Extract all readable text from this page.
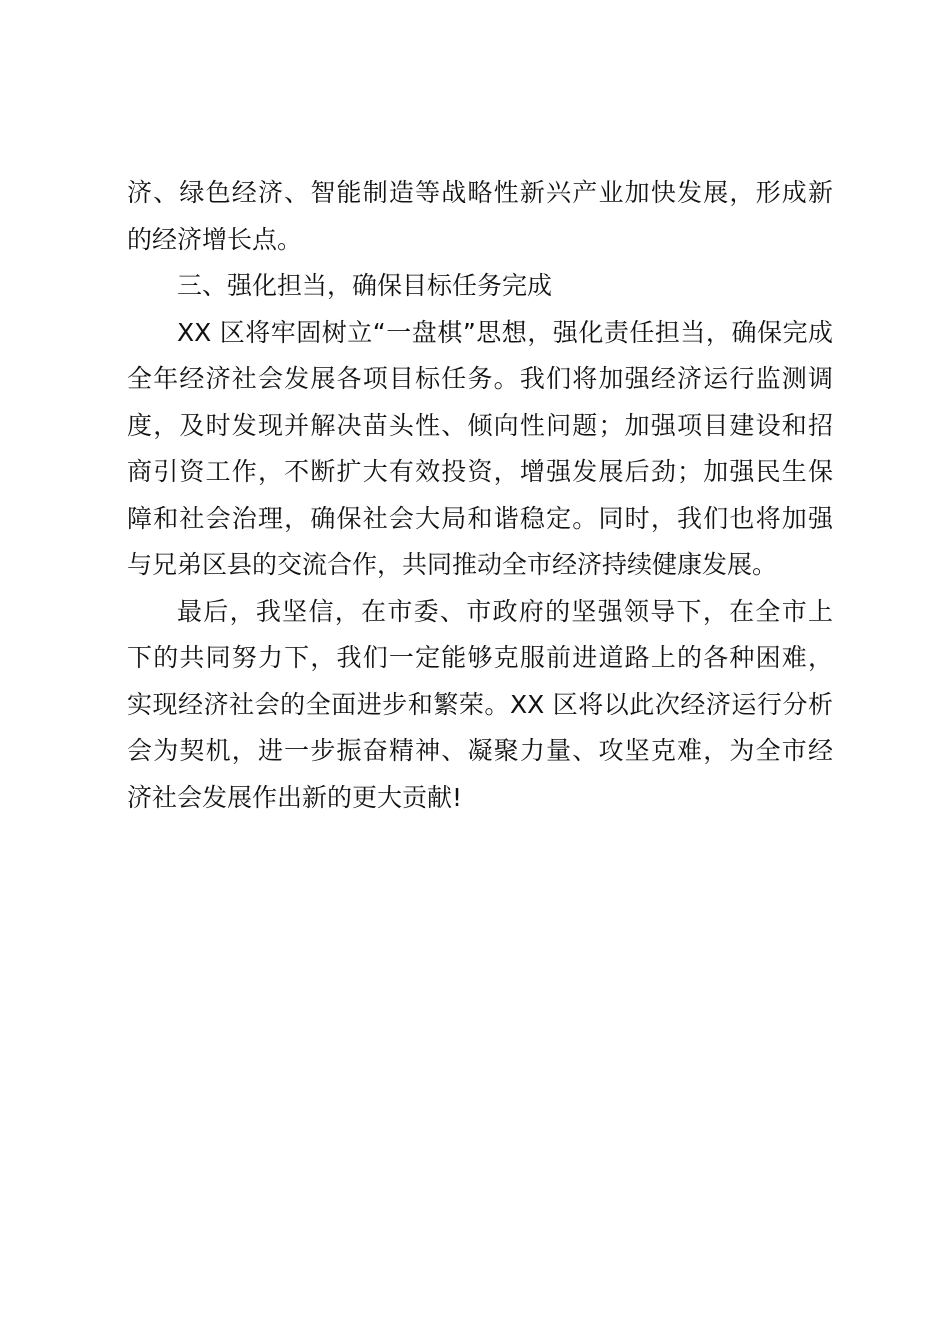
济、绿色经济、智能制造等战略性新兴产业加快发展，形成新
的经济增长点。
三、强化担当，确保目标任务完成
XX 区将牢固树立“一盘棋”思想，强化责任担当，确保完成
全年经济社会发展各项目标任务。我们将加强经济运行监测调
度，及时发现并解决苗头性、倾向性问题；加强项目建设和招
商引资工作，不断扩大有效投资，增强发展后劲；加强民生保
障和社会治理，确保社会大局和谐稳定。同时，我们也将加强
与兄弟区县的交流合作，共同推动全市经济持续健康发展。
最后，我坚信，在市委、市政府的坚强领导下，在全市上
下的共同努力下，我们一定能够克服前进道路上的各种困难，
实现经济社会的全面进步和繁荣。XX 区将以此次经济运行分析
会为契机，进一步振奋精神、凝聚力量、攻坚克难，为全市经
济社会发展作出新的更大贡献!
